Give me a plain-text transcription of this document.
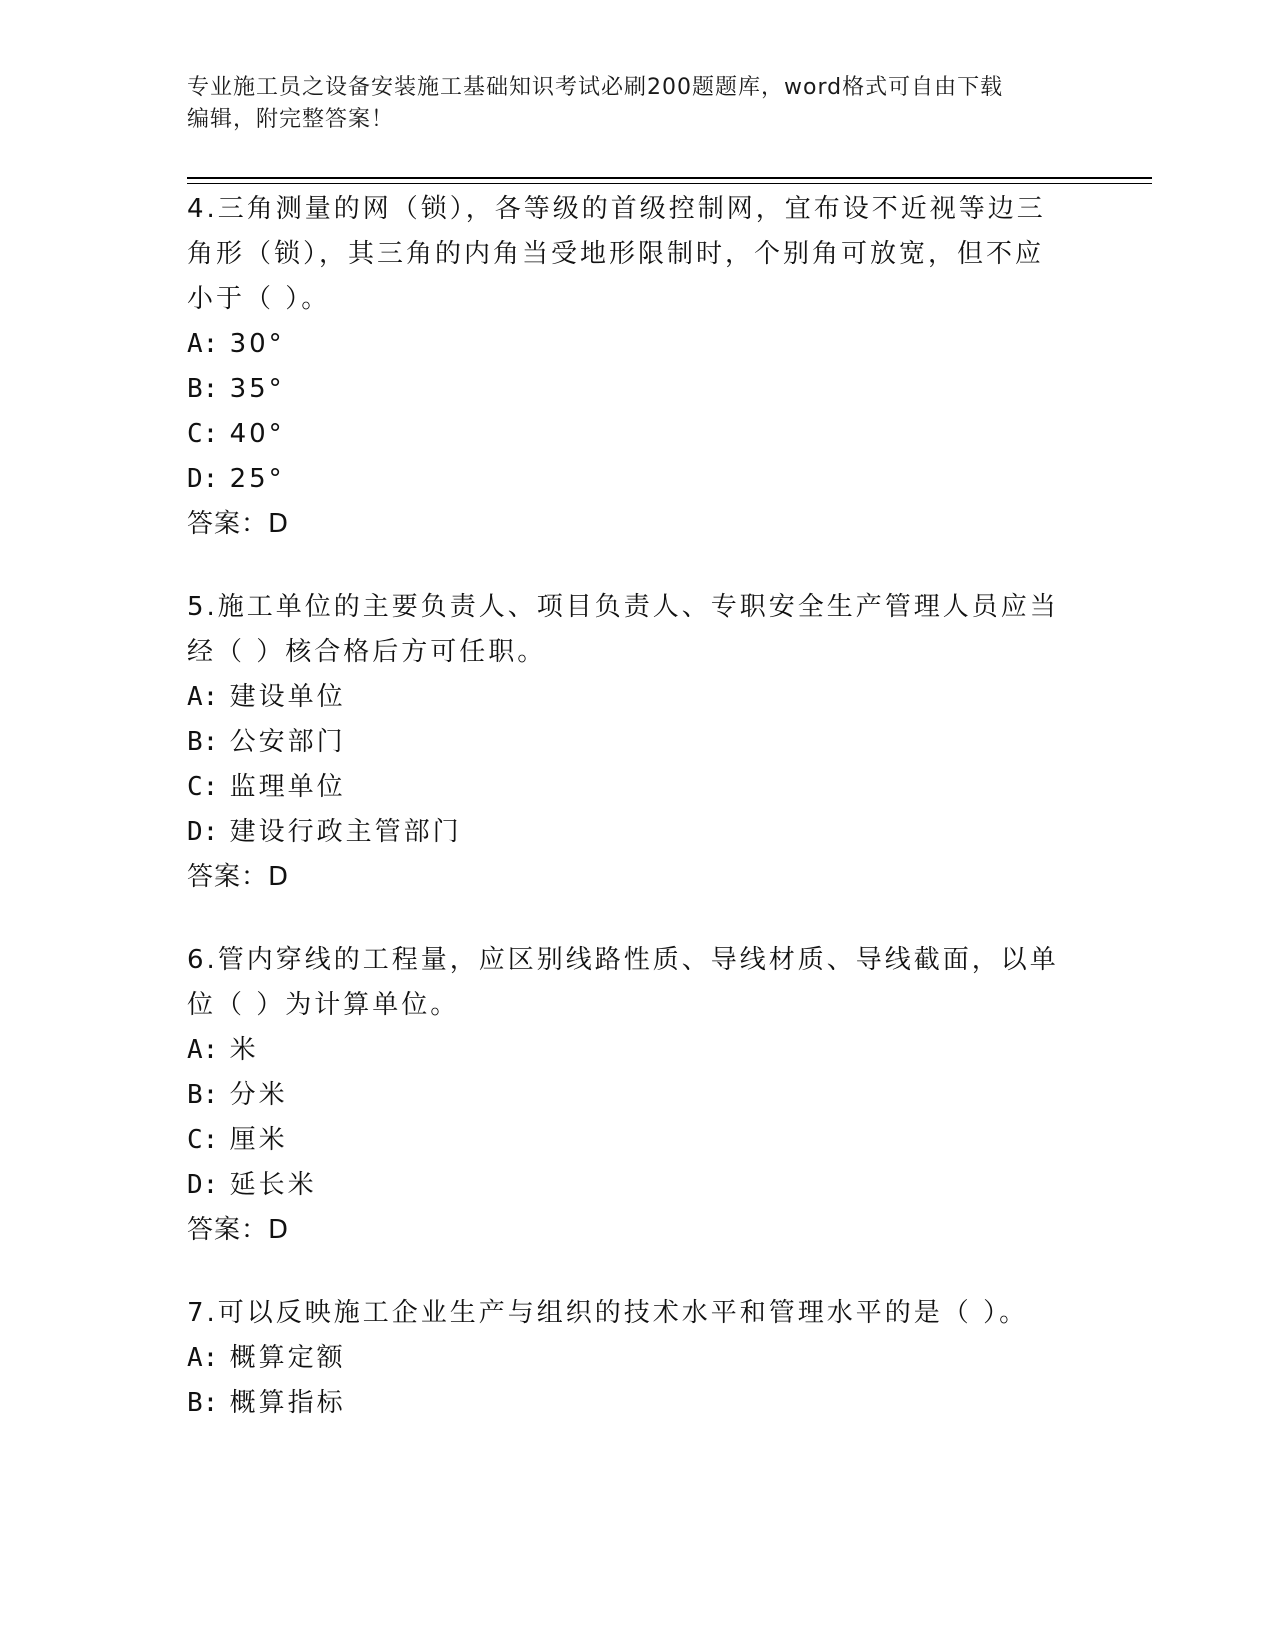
专业施工员之设备安装施工基础知识考试必刷200题题库，word格式可自由下载
编辑，附完整答案！

4.三角测量的网（锁），各等级的首级控制网，宜布设不近视等边三角形（锁），其三角的内角当受地形限制时，个别角可放宽，但不应小于（ ）。

A: 30°

B: 35°

C: 40°

D: 25°

答案：D

5.施工单位的主要负责人、项目负责人、专职安全生产管理人员应当经（ ）核合格后方可任职。

A: 建设单位

B: 公安部门

C: 监理单位

D: 建设行政主管部门

答案：D

6.管内穿线的工程量，应区别线路性质、导线材质、导线截面，以单位（ ）为计算单位。

A: 米

B: 分米

C: 厘米

D: 延长米

答案：D

7.可以反映施工企业生产与组织的技术水平和管理水平的是（ ）。

A: 概算定额

B: 概算指标
